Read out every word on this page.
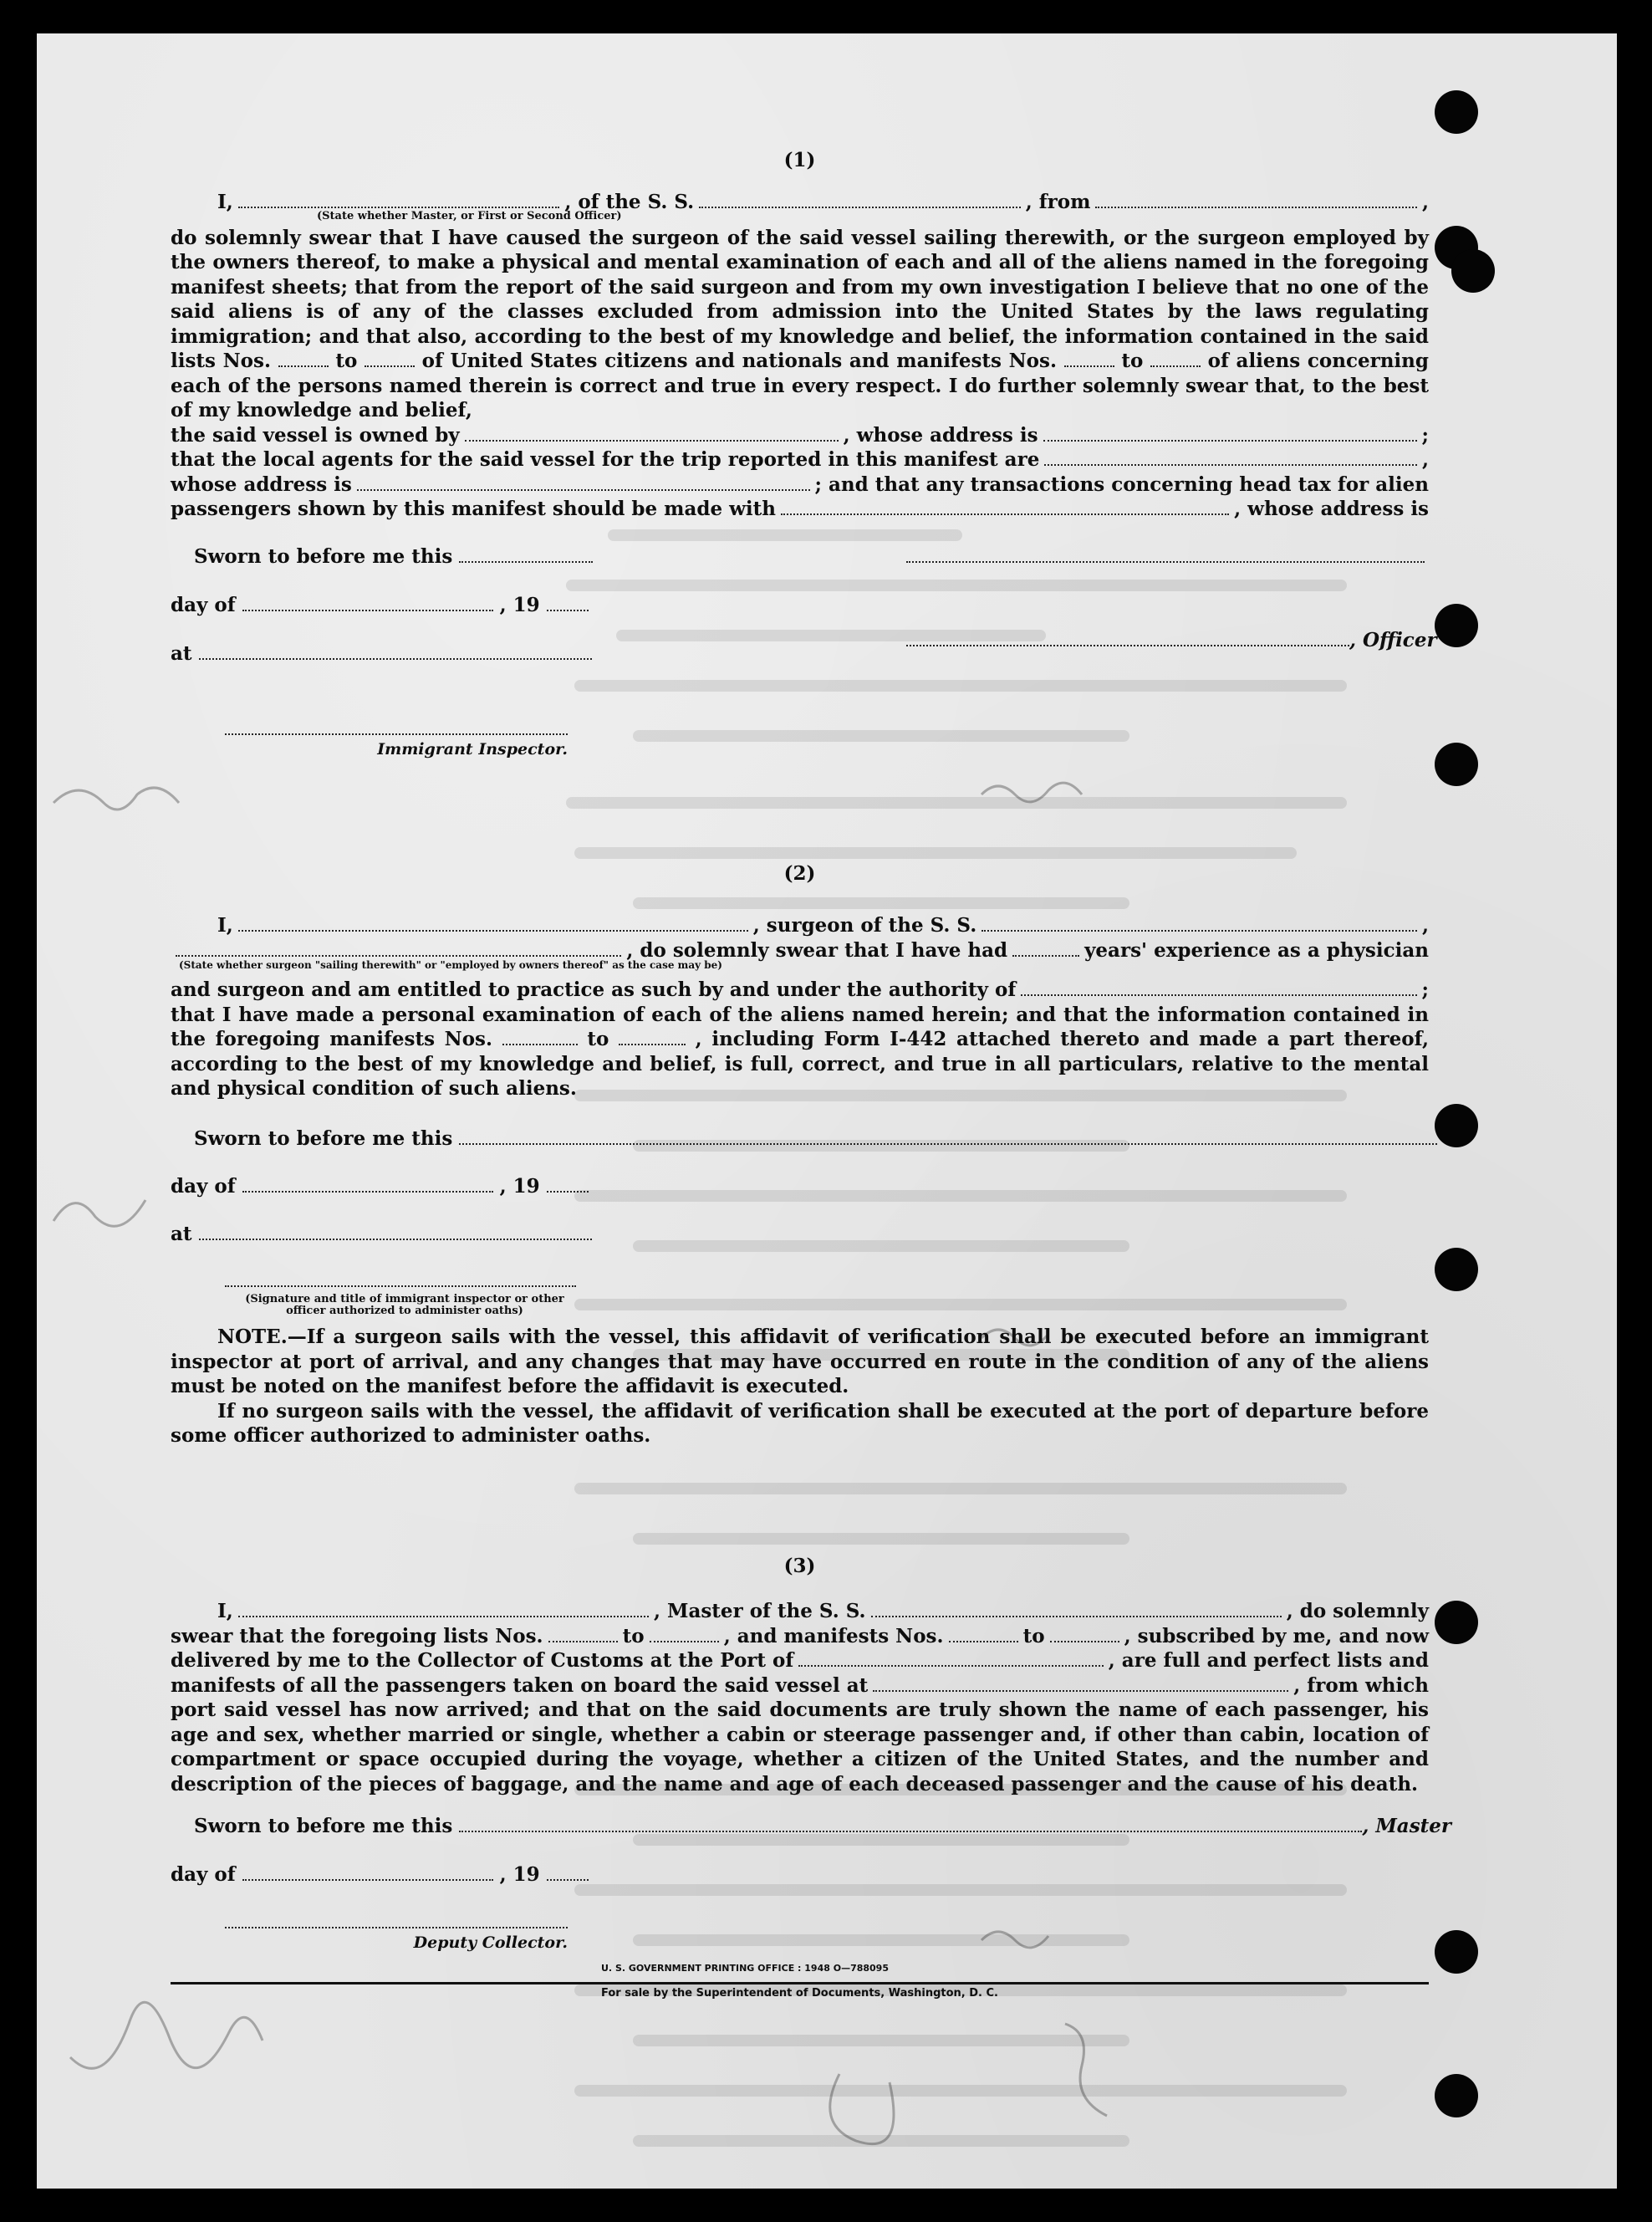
(1)
I,	, of the S. S.	, from	,
(State whether Master, or First or Second Officer)

do solemnly swear that I have caused the surgeon of the said vessel sailing therewith, or the surgeon employed by the owners thereof, to make a physical and mental examination of each and all of the aliens named in the foregoing manifest sheets; that from the report of the said surgeon and from my own investigation I believe that no one of the said aliens is of any of the classes excluded from admission into the United States by the laws regulating immigration; and that also, according to the best of my knowledge and belief, the information contained in the said lists Nos.	to	of United States citizens and nationals and manifests Nos.	to	of aliens concerning each of the persons named therein is correct and true in every respect. I do further solemnly swear that, to the best of my knowledge and belief,

the said vessel is owned by	, whose address is	;
that the local agents for the said vessel for the trip reported in this manifest are	,
whose address is	; and that any transactions concerning head tax for alien
passengers shown by this manifest should be made with	, whose address is
Sworn to before me this
day of	, 19
, Officer
at
Immigrant Inspector.
(2)
I,	, surgeon of the S. S.	,
, do solemnly swear that I have had	years' experience as a physician
(State whether surgeon "sailing therewith" or "employed by owners thereof" as the case may be)
and surgeon and am entitled to practice as such by and under the authority of	;

that I have made a personal examination of each of the aliens named herein; and that the information contained in the foregoing manifests Nos.	to	, including Form I-442 attached thereto and made a part thereof, according to the best of my knowledge and belief, is full, correct, and true in all particulars, relative to the mental and physical condition of such aliens.

Sworn to before me this
day of	, 19
at
(Signature and title of immigrant inspector or other officer authorized to administer oaths)

NOTE.—If a surgeon sails with the vessel, this affidavit of verification shall be executed before an immigrant inspector at port of arrival, and any changes that may have occurred en route in the condition of any of the aliens must be noted on the manifest before the affidavit is executed.

If no surgeon sails with the vessel, the affidavit of verification shall be executed at the port of departure before some officer authorized to administer oaths.

(3)
I,	, Master of the S. S.	, do solemnly
swear that the foregoing lists Nos.	to	, and manifests Nos.	to	, subscribed by me, and now
delivered by me to the Collector of Customs at the Port of	, are full and perfect lists and
manifests of all the passengers taken on board the said vessel at	, from which

port said vessel has now arrived; and that on the said documents are truly shown the name of each passenger, his age and sex, whether married or single, whether a cabin or steerage passenger and, if other than cabin, location of compartment or space occupied during the voyage, whether a citizen of the United States, and the number and description of the pieces of baggage, and the name and age of each deceased passenger and the cause of his death.

Sworn to before me this	, Master
day of	, 19
Deputy Collector.
U. S. GOVERNMENT PRINTING OFFICE : 1948 O—788095
For sale by the Superintendent of Documents, Washington, D. C.
